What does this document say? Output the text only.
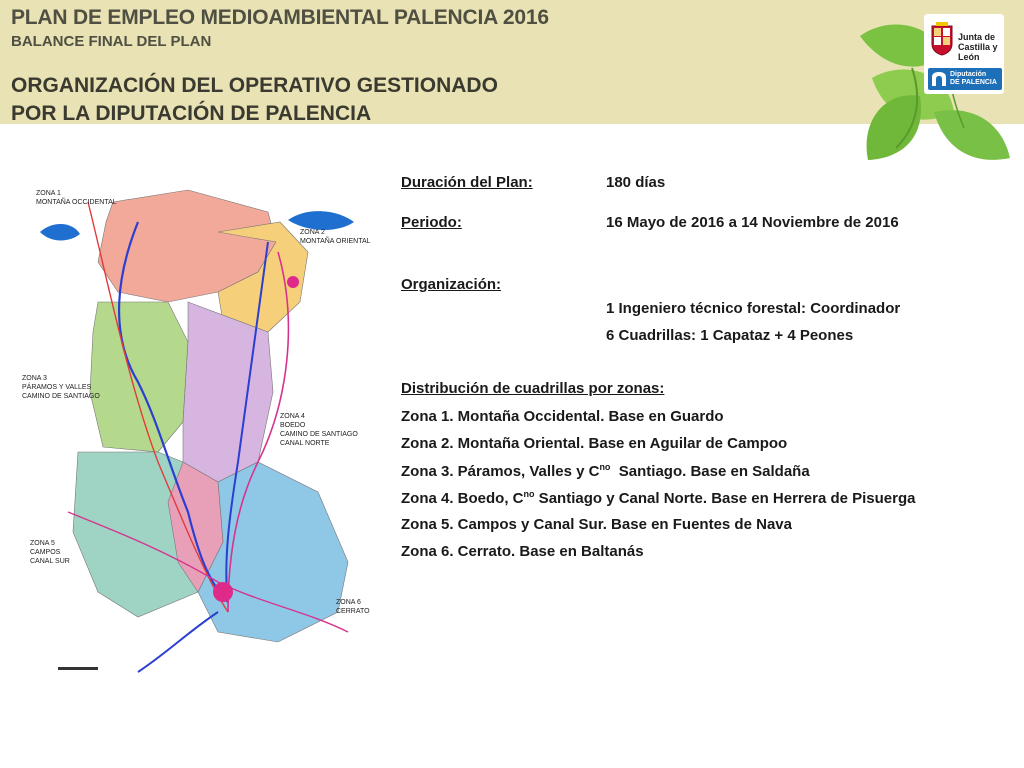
PLAN DE EMPLEO MEDIOAMBIENTAL PALENCIA 2016
BALANCE FINAL DEL PLAN
ORGANIZACIÓN DEL OPERATIVO GESTIONADO
POR LA DIPUTACIÓN DE PALENCIA
Junta de
Castilla y León
Diputación
DE PALENCIA
ZONA 1
MONTAÑA OCCIDENTAL
ZONA 2
MONTAÑA ORIENTAL
ZONA 3
PÁRAMOS Y VALLES
CAMINO DE SANTIAGO
ZONA 4
BOEDO
CAMINO DE SANTIAGO
CANAL NORTE
ZONA 5
CAMPOS
CANAL SUR
ZONA 6
CERRATO
Duración del Plan:	180 días
Periodo:	16 Mayo de 2016 a 14 Noviembre de 2016
Organización:
1 Ingeniero técnico forestal: Coordinador
6 Cuadrillas: 1 Capataz + 4 Peones
Distribución de cuadrillas por zonas:
Zona 1. Montaña Occidental. Base en Guardo
Zona 2. Montaña Oriental. Base en Aguilar de Campoo
Zona 3. Páramos, Valles y $C^{no}$  Santiago. Base en Saldaña
Zona 4. Boedo, $C^{no}$ Santiago y Canal Norte. Base en Herrera de Pisuerga
Zona 5. Campos y Canal Sur. Base en Fuentes de Nava
Zona 6. Cerrato. Base en Baltanás
